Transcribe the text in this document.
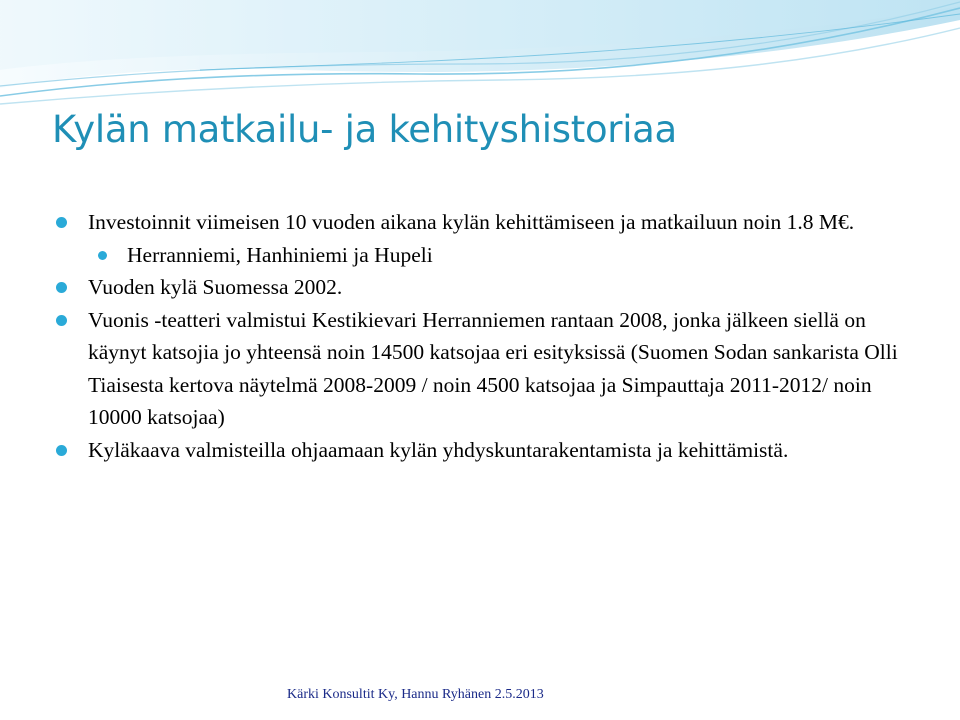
Kylän matkailu- ja kehityshistoriaa
Investoinnit viimeisen 10 vuoden aikana kylän kehittämiseen ja matkailuun noin 1.8 M€.
Herranniemi, Hanhiniemi ja Hupeli
Vuoden kylä Suomessa 2002.
Vuonis -teatteri valmistui Kestikievari Herranniemen rantaan 2008, jonka jälkeen siellä on käynyt katsojia jo yhteensä noin 14500 katsojaa eri esityksissä (Suomen Sodan sankarista Olli Tiaisesta kertova näytelmä 2008-2009 / noin 4500 katsojaa ja Simpauttaja 2011-2012/ noin 10000 katsojaa)
Kyläkaava valmisteilla ohjaamaan kylän yhdyskuntarakentamista ja kehittämistä.
Kärki Konsultit Ky, Hannu Ryhänen 2.5.2013
